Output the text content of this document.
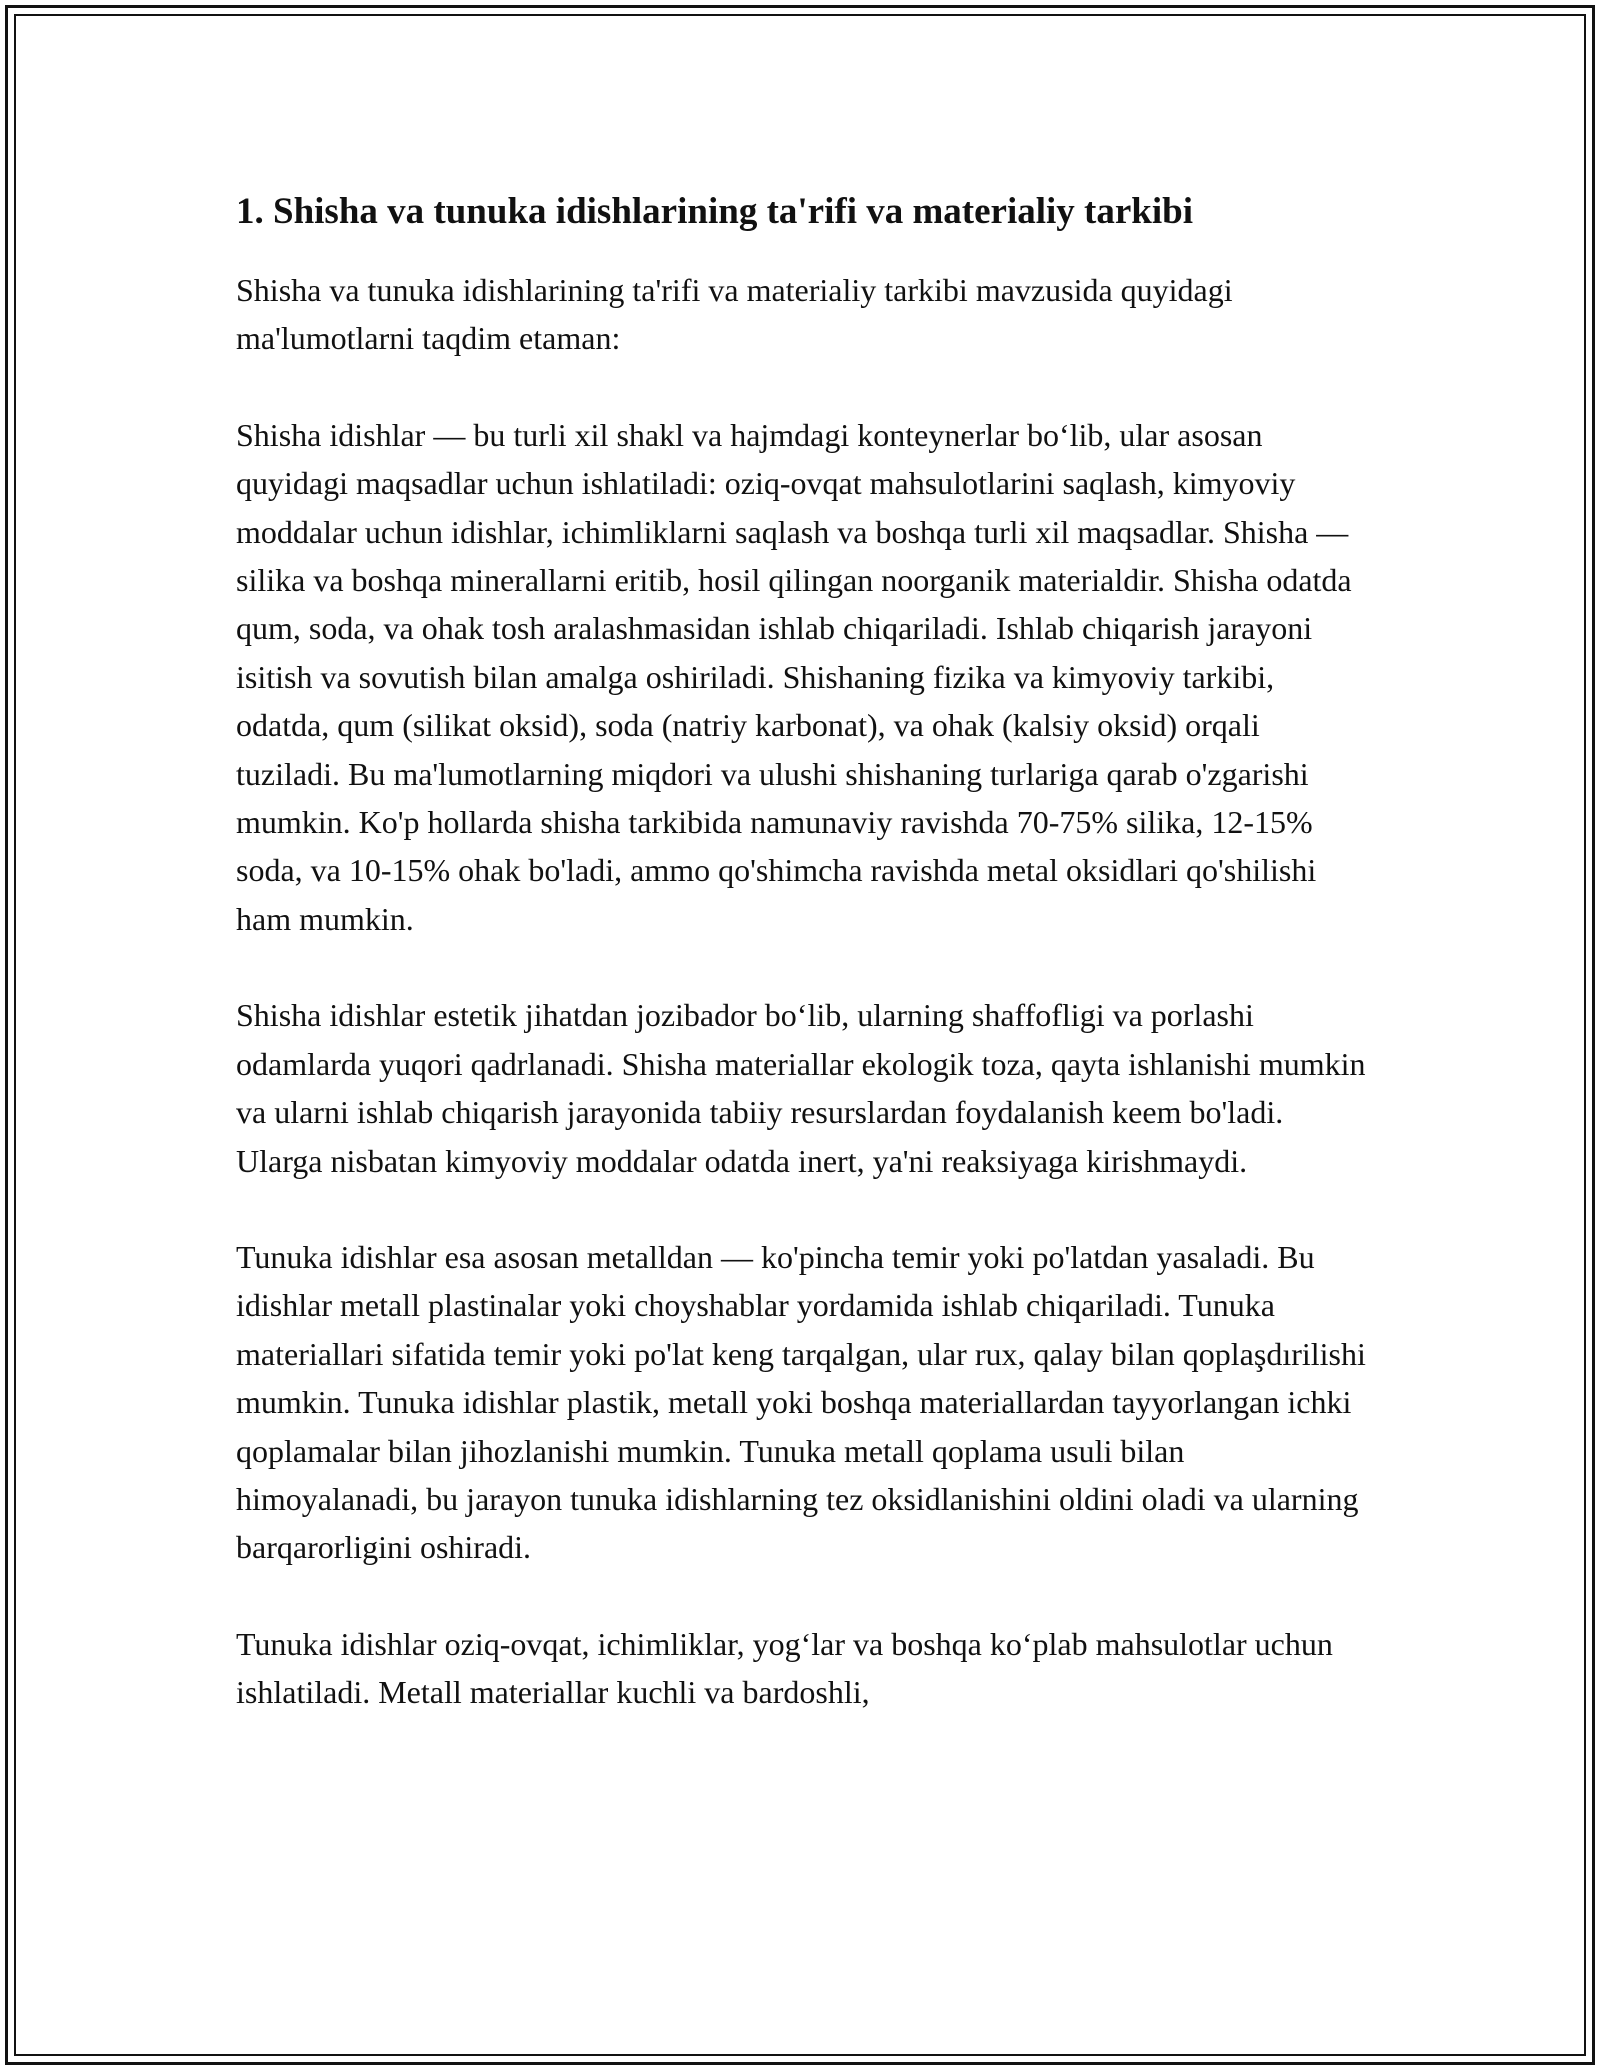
1. Shisha va tunuka idishlarining ta'rifi va materialiy tarkibi

Shisha va tunuka idishlarining ta'rifi va materialiy tarkibi mavzusida quyidagi ma'lumotlarni taqdim etaman:

Shisha idishlar — bu turli xil shakl va hajmdagi konteynerlar bo‘lib, ular asosan quyidagi maqsadlar uchun ishlatiladi: oziq-ovqat mahsulotlarini saqlash, kimyoviy moddalar uchun idishlar, ichimliklarni saqlash va boshqa turli xil maqsadlar. Shisha — silika va boshqa minerallarni eritib, hosil qilingan noorganik materialdir. Shisha odatda qum, soda, va ohak tosh aralashmasidan ishlab chiqariladi. Ishlab chiqarish jarayoni isitish va sovutish bilan amalga oshiriladi. Shishaning fizika va kimyoviy tarkibi, odatda, qum (silikat oksid), soda (natriy karbonat), va ohak (kalsiy oksid) orqali tuziladi. Bu ma'lumotlarning miqdori va ulushi shishaning turlariga qarab o'zgarishi mumkin. Ko'p hollarda shisha tarkibida namunaviy ravishda 70-75% silika, 12-15% soda, va 10-15% ohak bo'ladi, ammo qo'shimcha ravishda metal oksidlari qo'shilishi ham mumkin.

Shisha idishlar estetik jihatdan jozibador bo‘lib, ularning shaffofligi va porlashi odamlarda yuqori qadrlanadi. Shisha materiallar ekologik toza, qayta ishlanishi mumkin va ularni ishlab chiqarish jarayonida tabiiy resurslardan foydalanish keem bo'ladi. Ularga nisbatan kimyoviy moddalar odatda inert, ya'ni reaksiyaga kirishmaydi.

Tunuka idishlar esa asosan metalldan — ko'pincha temir yoki po'latdan yasaladi. Bu idishlar metall plastinalar yoki choyshablar yordamida ishlab chiqariladi. Tunuka materiallari sifatida temir yoki po'lat keng tarqalgan, ular rux, qalay bilan qoplaşdırilishi mumkin. Tunuka idishlar plastik, metall yoki boshqa materiallardan tayyorlangan ichki qoplamalar bilan jihozlanishi mumkin. Tunuka metall qoplama usuli bilan himoyalanadi, bu jarayon tunuka idishlarning tez oksidlanishini oldini oladi va ularning barqarorligini oshiradi.

Tunuka idishlar oziq-ovqat, ichimliklar, yog‘lar va boshqa ko‘plab mahsulotlar uchun ishlatiladi. Metall materiallar kuchli va bardoshli,
